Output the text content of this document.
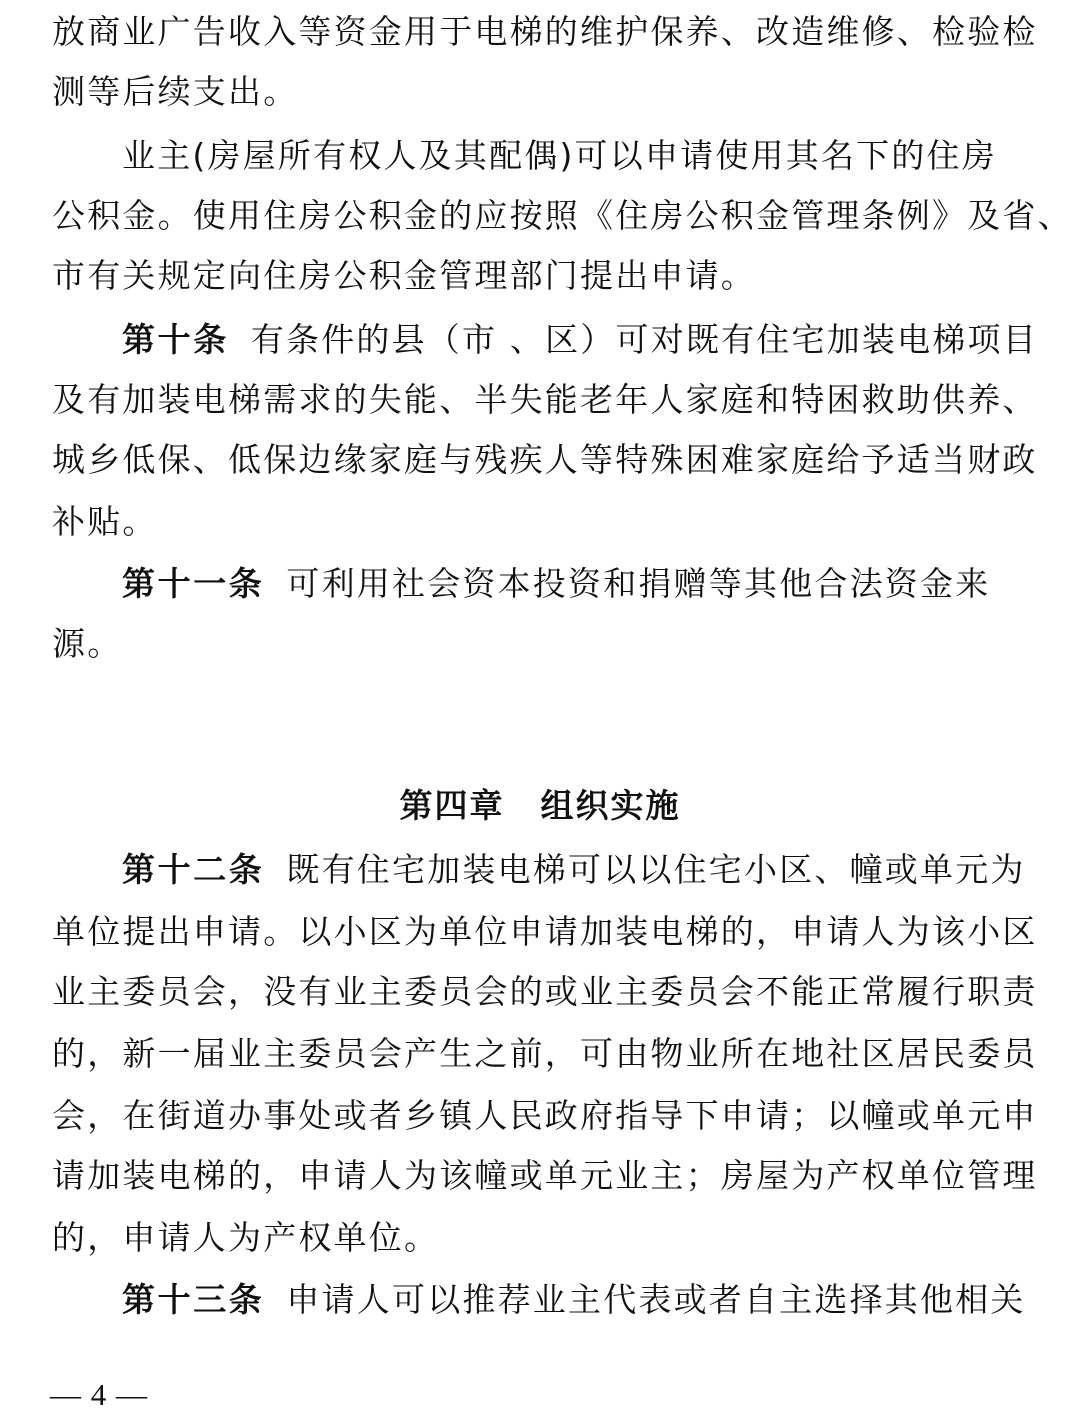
放商业广告收入等资金用于电梯的维护保养、改造维修、检验检
测等后续支出。
业主(房屋所有权人及其配偶)可以申请使用其名下的住房
公积金。使用住房公积金的应按照《住房公积金管理条例》及省、
市有关规定向住房公积金管理部门提出申请。
第十条 有条件的县（市 、区）可对既有住宅加装电梯项目
及有加装电梯需求的失能、半失能老年人家庭和特困救助供养、
城乡低保、低保边缘家庭与残疾人等特殊困难家庭给予适当财政
补贴。
第十一条 可利用社会资本投资和捐赠等其他合法资金来
源。
第四章 组织实施
第十二条 既有住宅加装电梯可以以住宅小区、幢或单元为
单位提出申请。以小区为单位申请加装电梯的，申请人为该小区
业主委员会，没有业主委员会的或业主委员会不能正常履行职责
的，新一届业主委员会产生之前，可由物业所在地社区居民委员
会，在街道办事处或者乡镇人民政府指导下申请；以幢或单元申
请加装电梯的，申请人为该幢或单元业主；房屋为产权单位管理
的，申请人为产权单位。
第十三条 申请人可以推荐业主代表或者自主选择其他相关
— 4 —
